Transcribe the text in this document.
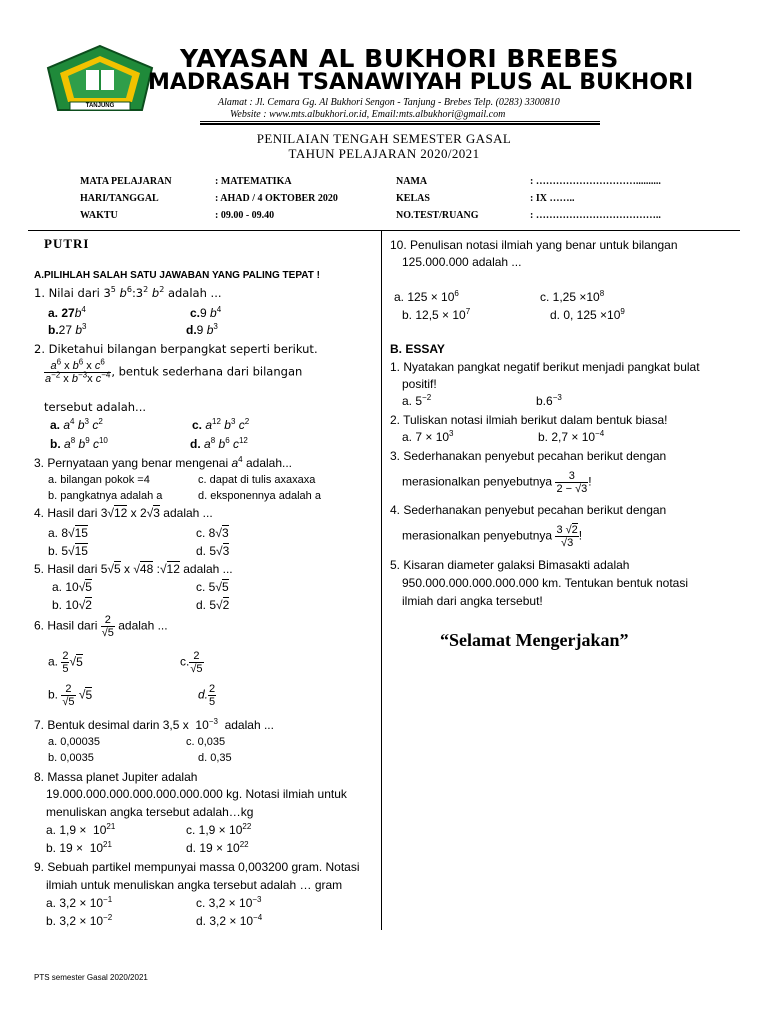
TANJUNG
YAYASAN AL BUKHORI BREBES
MADRASAH TSANAWIYAH PLUS AL BUKHORI
Alamat : Jl. Cemara Gg. Al Bukhori Sengon - Tanjung - Brebes Telp. (0283) 3300810
Website : www.mts.albukhori.or.id, Email:mts.albukhori@gmail.com
PENILAIAN TENGAH SEMESTER GASAL
TAHUN PELAJARAN 2020/2021
MATA PELAJARAN	: MATEMATIKA
HARI/TANGGAL	: AHAD / 4 OKTOBER 2020
WAKTU	: 09.00 - 09.40
NAMA	: …………………………..........
KELAS	: IX ……..
NO.TEST/RUANG	: ………………………………..
PUTRI
A.PILIHLAH SALAH SATU JAWABAN YANG PALING TEPAT !
1. Nilai dari $3^5$ $b^6:3^2$ $b^2$ adalah ...
a. $27b^4$	c.9 $b^4$
b.27 $b^3$	d.9 $b^3$
2. Diketahui bilangan berpangkat seperti berikut.
$\frac{a^6 x b^6 x c^6}{a^{-2} x b^{-3}x c^{-4}}$ , bentuk sederhana dari bilangan
tersebut adalah...
a. $a^4$ $b^3$ $c^2$	c. $a^{12}$ $b^3$ $c^2$
b. $a^8$ $b^9$ $c^{10}$	d. $a^8$ $b^6$ $c^{12}$
3. Pernyataan yang benar mengenai $a^4$ adalah...
a. bilangan pokok =4	c. dapat di tulis axaxaxa
b. pangkatnya adalah a	d. eksponennya adalah a
4. Hasil dari 3√12 x 2√3 adalah ...
a. 8√15	c. 8√3
b. 5√15	d. 5√3
5. Hasil dari 5√5 x √48 :√12 adalah ...
a. 10√5	c. 5√5
b. 10√2	d. 5√2
6. Hasil dari $\frac{2}{√5}$ adalah ...
a. $\frac{2}{5} √5$	c. $\frac{2}{√5}$
b. $\frac{2}{√5} √5$	d. $\frac{2}{5}$
7. Bentuk desimal darin 3,5 x  $10^{-3}$ adalah ...
a. 0,00035	c. 0,035
b. 0,0035	d. 0,35
8. Massa planet Jupiter adalah
19.000.000.000.000.000.000.000 kg. Notasi ilmiah untuk
menuliskan angka tersebut adalah…kg
a. $1,9 \times 10^{21}$	c. $1,9 \times 10^{22}$
b. $19 \times 10^{21}$	d. $19 \times 10^{22}$
9. Sebuah partikel mempunyai massa 0,003200 gram. Notasi
ilmiah untuk menuliskan angka tersebut adalah … gram
a. $3,2 \times 10^{-1}$	c. $3,2 \times 10^{-3}$
b. $3,2 \times 10^{-2}$	d. $3,2 \times 10^{-4}$
10. Penulisan notasi ilmiah yang benar untuk bilangan
125.000.000 adalah ...
a. $125 \times 10^6$	c. $1,25 \times 10^8$
b. $12,5 \times 10^7$	d. 0, $125 \times 10^9$
B. ESSAY
1. Nyatakan pangkat negatif berikut menjadi pangkat bulat
positif!
a. $5^{-2}$	$b.6^{-3}$
2. Tuliskan notasi ilmiah berikut dalam bentuk biasa!
a. $7 \times 10^3$	b. $2,7 \times 10^{-4}$
3. Sederhanakan penyebut pecahan berikut dengan
merasionalkan penyebutnya $\frac{3}{2 - √3}$ !
4. Sederhanakan penyebut pecahan berikut dengan
merasionalkan penyebutnya $\frac{3 √2}{√3}$ !
5. Kisaran diameter galaksi Bimasakti adalah
950.000.000.000.000.000 km. Tentukan bentuk notasi
ilmiah dari angka tersebut!
“Selamat Mengerjakan”
PTS semester Gasal 2020/2021
